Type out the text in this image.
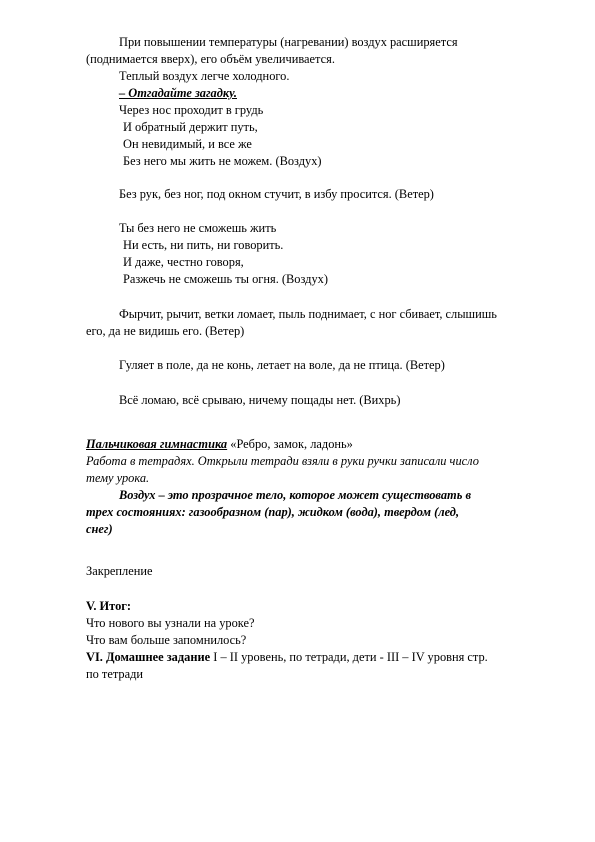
При повышении температуры (нагревании) воздух расширяется
(поднимается вверх), его объём увеличивается.
Теплый воздух легче холодного.
– Отгадайте загадку.
Через нос проходит в грудь
И обратный держит путь,
Он невидимый, и все же
Без него мы жить не можем. (Воздух)
Без рук, без ног, под окном стучит, в избу просится. (Ветер)
Ты без него не сможешь жить
Ни есть, ни пить, ни говорить.
И даже, честно говоря,
Разжечь не сможешь ты огня. (Воздух)
Фырчит, рычит, ветки ломает, пыль поднимает, с ног сбивает, слышишь
его, да не видишь его. (Ветер)
Гуляет в поле, да не конь, летает на воле, да не птица. (Ветер)
Всё ломаю, всё срываю, ничему пощады нет. (Вихрь)
Пальчиковая гимнастика «Ребро, замок, ладонь»
Работа в тетрадях. Открыли тетради взяли в руки ручки записали число
тему урока.
Воздух – это прозрачное тело, которое может существовать в
трех состояниях: газообразном (пар), жидком (вода), твердом (лед,
снег)
Закрепление
V. Итог:
Что нового вы узнали на уроке?
Что вам больше запомнилось?
VI. Домашнее задание I – II уровень, по тетради, дети - III – IV уровня стр.
по тетради
